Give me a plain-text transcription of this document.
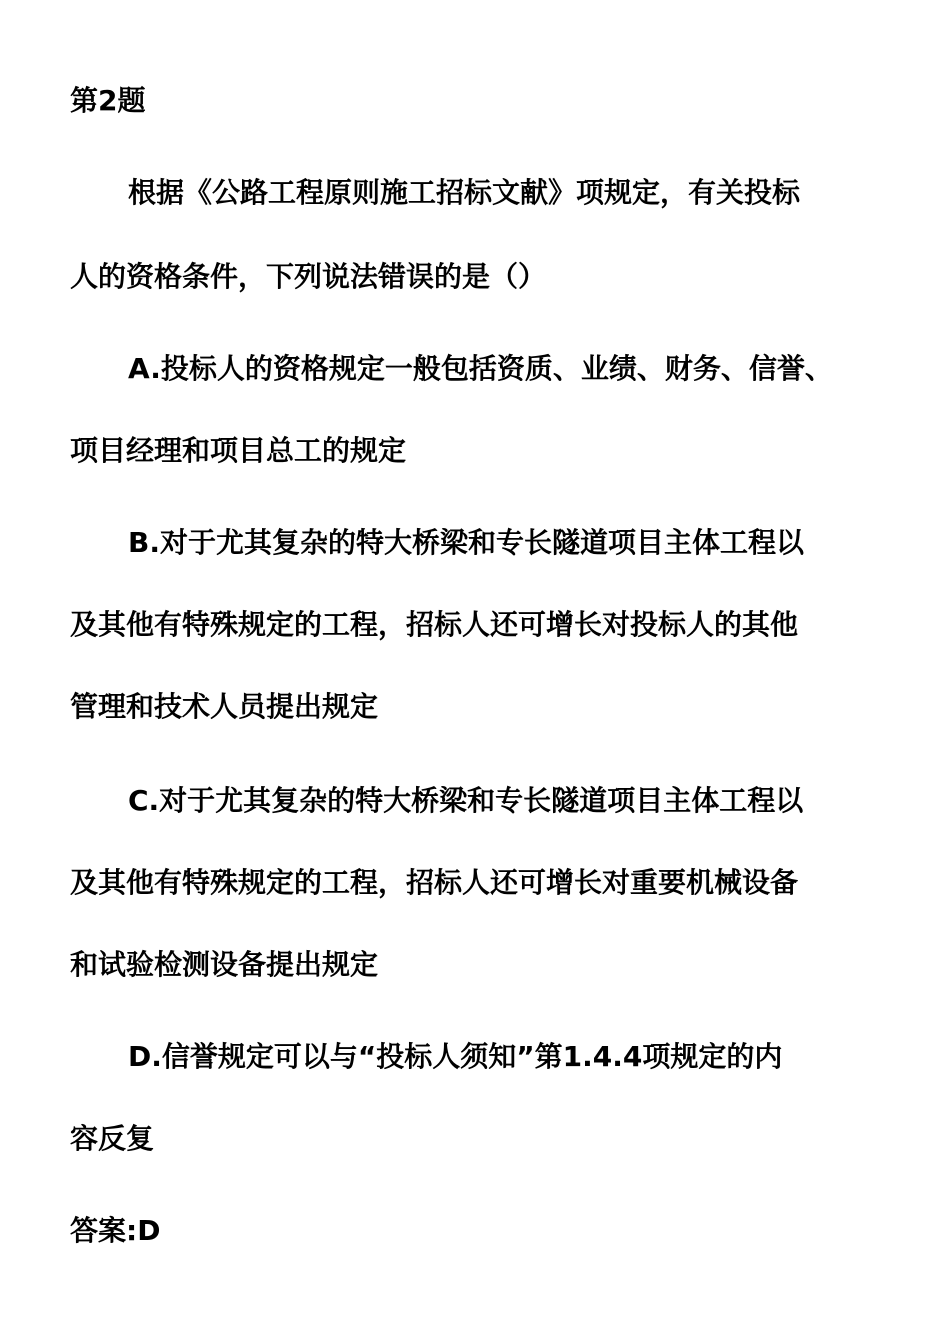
第2题
根据《公路工程原则施工招标文献》项规定，有关投标
人的资格条件，下列说法错误的是（）
A.投标人的资格规定一般包括资质、业绩、财务、信誉、
项目经理和项目总工的规定
B.对于尤其复杂的特大桥梁和专长隧道项目主体工程以
及其他有特殊规定的工程，招标人还可增长对投标人的其他
管理和技术人员提出规定
C.对于尤其复杂的特大桥梁和专长隧道项目主体工程以
及其他有特殊规定的工程，招标人还可增长对重要机械设备
和试验检测设备提出规定
D.信誉规定可以与“投标人须知”第1.4.4项规定的内
容反复
答案:D
